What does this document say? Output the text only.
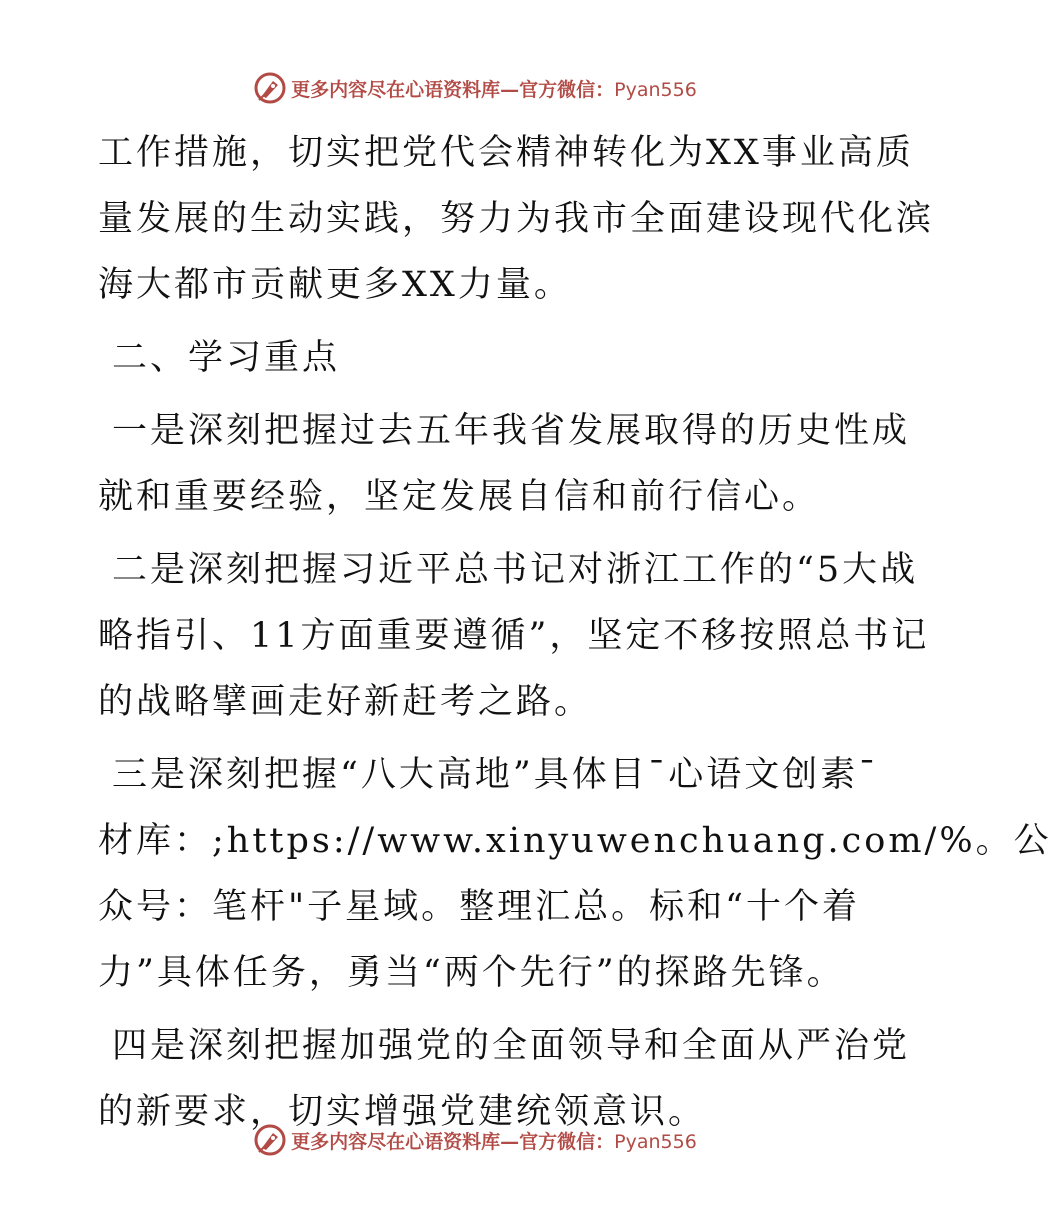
更多内容尽在心语资料库—官方微信：Pyan556
工作措施，切实把党代会精神转化为XX事业高质
量发展的生动实践，努力为我市全面建设现代化滨
海大都市贡献更多XX力量。
二、学习重点
一是深刻把握过去五年我省发展取得的历史性成
就和重要经验，坚定发展自信和前行信心。
二是深刻把握习近平总书记对浙江工作的“5大战
略指引、11方面重要遵循”，坚定不移按照总书记
的战略擘画走好新赶考之路。
三是深刻把握“八大高地”具体目¯心语文创素¯
材库：;https://www.xinyuwenchuang.com/%。公
众号：笔杆"子星域。整理汇总。标和“十个着
力”具体任务，勇当“两个先行”的探路先锋。
四是深刻把握加强党的全面领导和全面从严治党
的新要求，切实增强党建统领意识。
更多内容尽在心语资料库—官方微信：Pyan556
